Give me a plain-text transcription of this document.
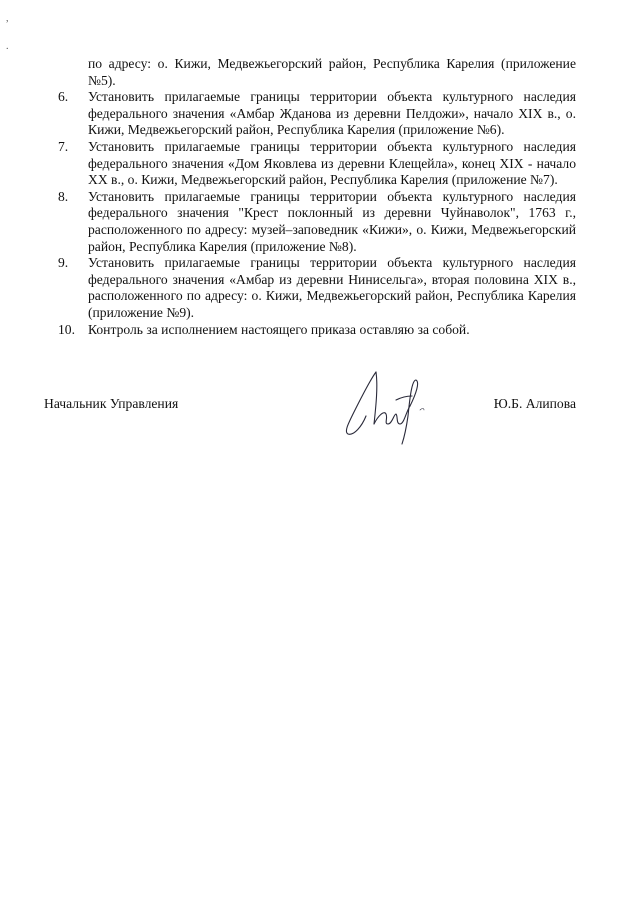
,
.
по адресу: о. Кижи, Медвежьегорский район, Республика Карелия (приложение №5).
6.	Установить прилагаемые границы территории объекта культурного наследия федерального значения «Амбар Жданова из деревни Пелдожи», начало XIX в., о. Кижи, Медвежьегорский район, Республика Карелия (приложение №6).
7.	Установить прилагаемые границы территории объекта культурного наследия федерального значения «Дом Яковлева из деревни Клещейла», конец XIX - начало XX в., о. Кижи, Медвежьегорский район, Республика Карелия (приложение №7).
8.	Установить прилагаемые границы территории объекта культурного наследия федерального значения "Крест поклонный из деревни Чуйнаволок", 1763 г., расположенного по адресу: музей–заповедник «Кижи», о. Кижи, Медвежьегорский район, Республика Карелия (приложение №8).
9.	Установить прилагаемые границы территории объекта культурного наследия федерального значения «Амбар из деревни Нинисельга», вторая половина XIX в., расположенного по адресу: о. Кижи, Медвежьегорский район, Республика Карелия (приложение №9).
10. Контроль за исполнением настоящего приказа оставляю за собой.
Начальник Управления	Ю.Б. Алипова
